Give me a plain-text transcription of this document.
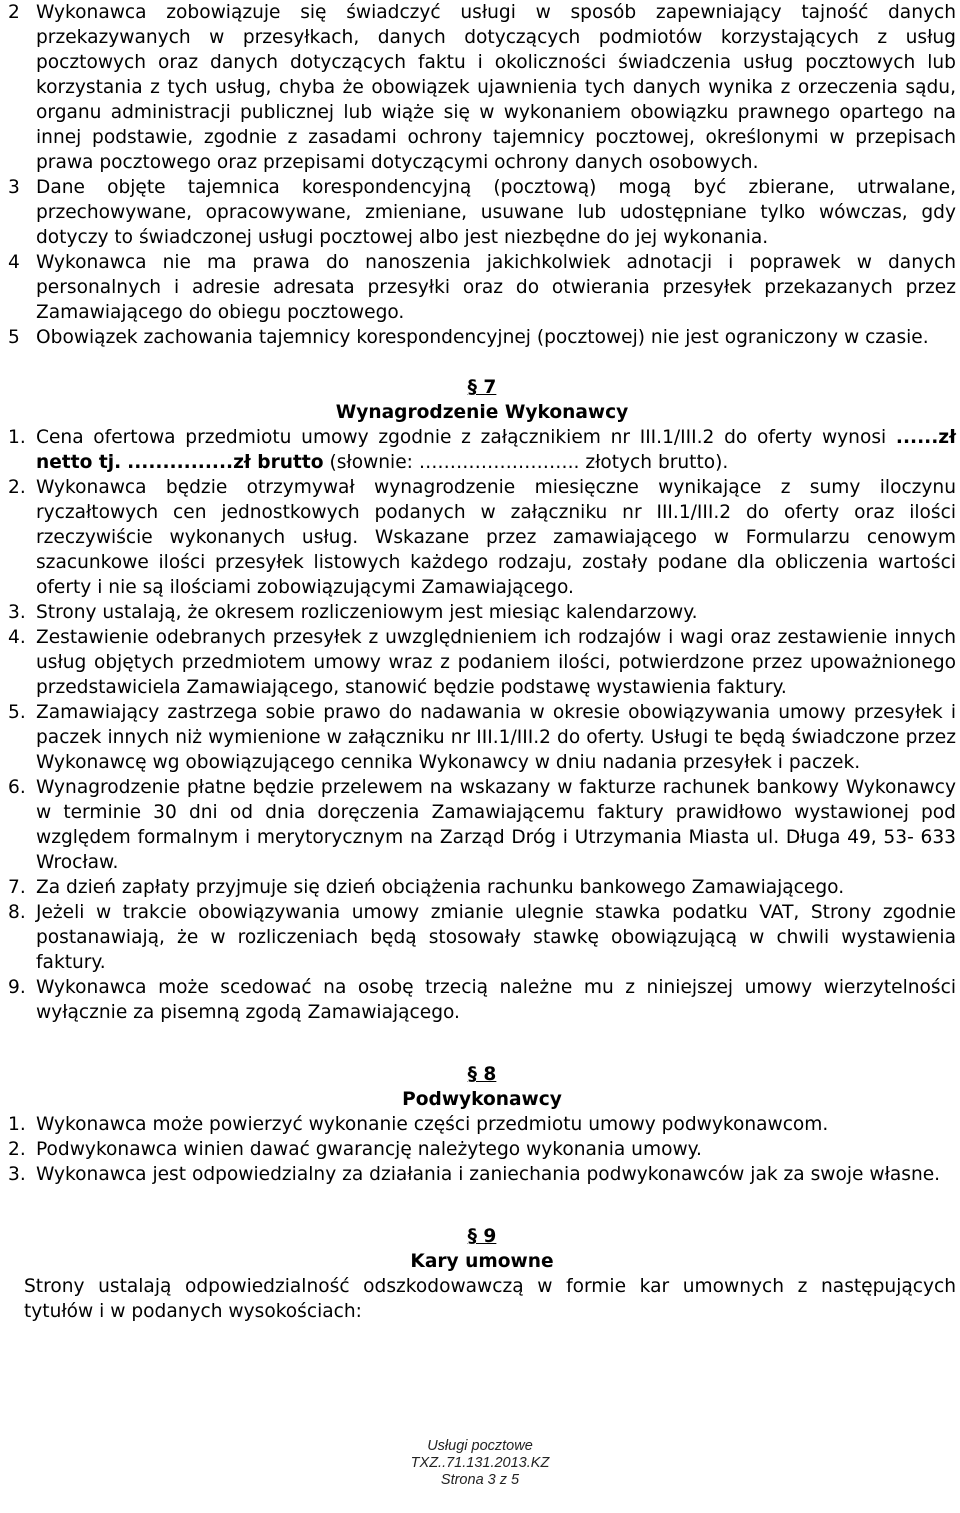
2 Wykonawca zobowiązuje się świadczyć usługi w sposób zapewniający tajność danych przekazywanych w przesyłkach, danych dotyczących podmiotów korzystających z usług pocztowych oraz danych dotyczących faktu i okoliczności świadczenia usług pocztowych lub korzystania z tych usług, chyba że obowiązek ujawnienia tych danych wynika z orzeczenia sądu, organu administracji publicznej lub wiąże się w wykonaniem obowiązku prawnego opartego na innej podstawie, zgodnie z zasadami ochrony tajemnicy pocztowej, określonymi w przepisach prawa pocztowego oraz przepisami dotyczącymi ochrony danych osobowych.
3 Dane objęte tajemnica korespondencyjną (pocztową) mogą być zbierane, utrwalane, przechowywane, opracowywane, zmieniane, usuwane lub udostępniane tylko wówczas, gdy dotyczy to świadczonej usługi pocztowej albo jest niezbędne do jej wykonania.
4 Wykonawca nie ma prawa do nanoszenia jakichkolwiek adnotacji i poprawek w danych personalnych i adresie adresata przesyłki oraz do otwierania przesyłek przekazanych przez Zamawiającego do obiegu pocztowego.
5 Obowiązek zachowania tajemnicy korespondencyjnej (pocztowej) nie jest ograniczony w czasie.
§ 7
Wynagrodzenie Wykonawcy
1. Cena ofertowa przedmiotu umowy zgodnie z załącznikiem nr III.1/III.2 do oferty wynosi ......zł netto tj. ...............zł brutto (słownie: …………………….. złotych brutto).
2. Wykonawca będzie otrzymywał wynagrodzenie miesięczne wynikające z sumy iloczynu ryczałtowych cen jednostkowych podanych w załączniku nr III.1/III.2 do oferty oraz ilości rzeczywiście wykonanych usług. Wskazane przez zamawiającego w Formularzu cenowym szacunkowe ilości przesyłek listowych każdego rodzaju, zostały podane dla obliczenia wartości oferty i nie są ilościami zobowiązującymi Zamawiającego.
3. Strony ustalają, że okresem rozliczeniowym jest miesiąc kalendarzowy.
4. Zestawienie odebranych przesyłek z uwzględnieniem ich rodzajów i wagi oraz zestawienie innych usług objętych przedmiotem umowy wraz z podaniem ilości, potwierdzone przez upoważnionego przedstawiciela Zamawiającego, stanowić będzie podstawę wystawienia faktury.
5. Zamawiający zastrzega sobie prawo do nadawania w okresie obowiązywania umowy przesyłek i paczek innych niż wymienione w załączniku nr III.1/III.2 do oferty. Usługi te będą świadczone przez Wykonawcę wg obowiązującego cennika Wykonawcy w dniu nadania przesyłek i paczek.
6. Wynagrodzenie płatne będzie przelewem na wskazany w fakturze rachunek bankowy Wykonawcy w terminie 30 dni od dnia doręczenia Zamawiającemu faktury prawidłowo wystawionej pod względem formalnym i merytorycznym na Zarząd Dróg i Utrzymania Miasta ul. Długa 49, 53- 633 Wrocław.
7. Za dzień zapłaty przyjmuje się dzień obciążenia rachunku bankowego Zamawiającego.
8. Jeżeli w trakcie obowiązywania umowy zmianie ulegnie stawka podatku VAT, Strony zgodnie postanawiają, że w rozliczeniach będą stosowały stawkę obowiązującą w chwili wystawienia faktury.
9. Wykonawca może scedować na osobę trzecią należne mu z niniejszej umowy wierzytelności wyłącznie za pisemną zgodą Zamawiającego.
§ 8
Podwykonawcy
1. Wykonawca może powierzyć wykonanie części przedmiotu umowy podwykonawcom.
2. Podwykonawca winien dawać gwarancję należytego wykonania umowy.
3. Wykonawca jest odpowiedzialny za działania i zaniechania podwykonawców jak za swoje własne.
§ 9
Kary umowne
Strony ustalają odpowiedzialność odszkodowawczą w formie kar umownych z następujących tytułów i w podanych wysokościach:
Usługi pocztowe
TXZ..71.131.2013.KZ
Strona 3 z 5
